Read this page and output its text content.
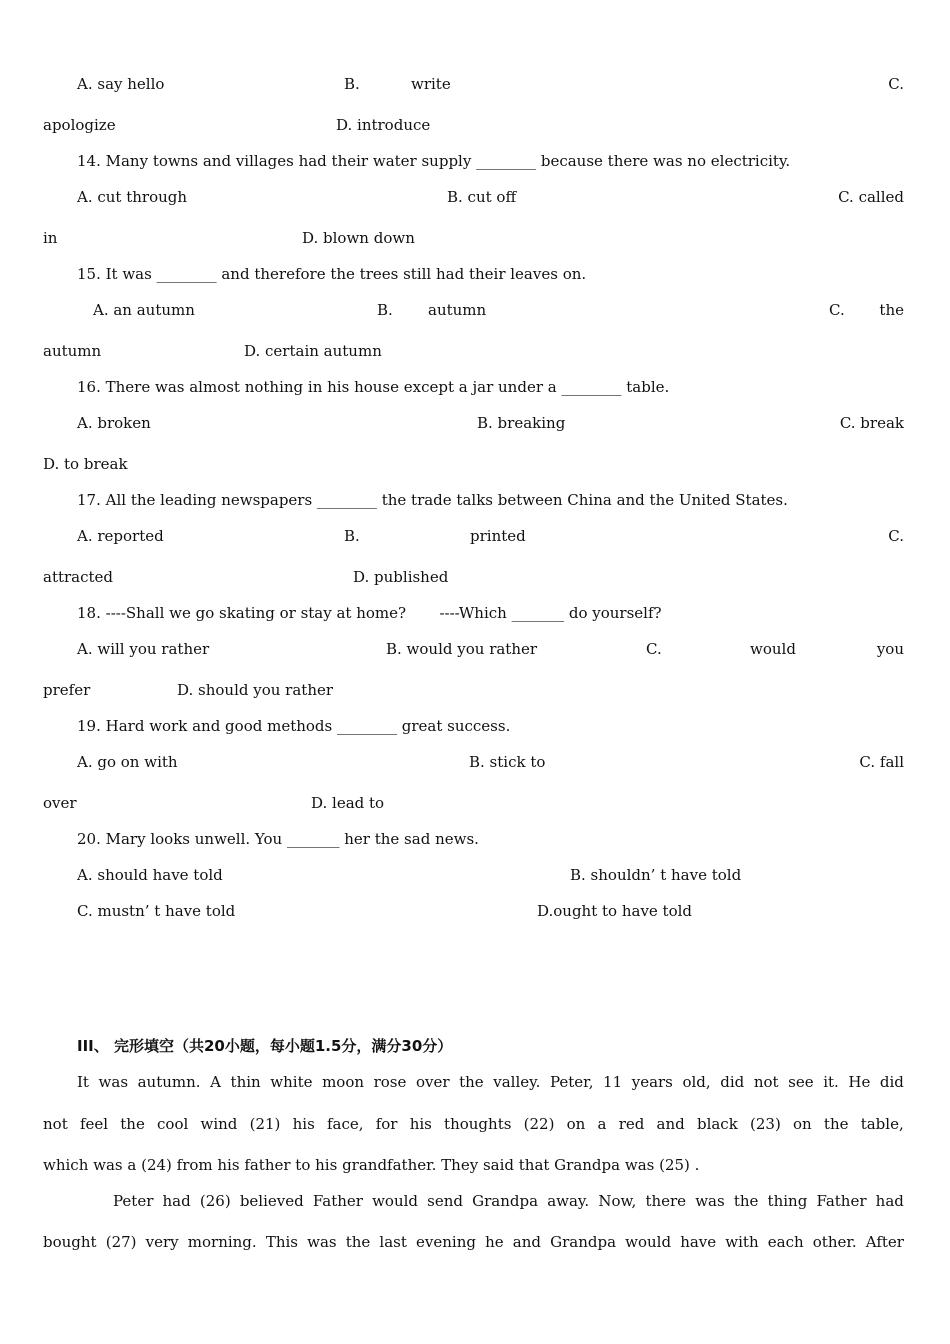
A. say hello	B.	write	C.
apologize	D. introduce
14. Many towns and villages had their water supply ________ because there was no electricity.
A. cut through	B. cut off	C. called
in	D. blown down
15. It was ________ and therefore the trees still had their leaves on.
A. an autumn	B. autumn	C. the
autumn	D. certain autumn
16. There was almost nothing in his house except a jar under a ________ table.
A. broken	B. breaking	C. break
D. to break
17. All the leading newspapers ________ the trade talks between China and the United States.
A. reported	B.	printed	C.
attracted	D. published
18. ----Shall we go skating or stay at home?       ----Which _______ do yourself?
A. will you rather	B. would you rather	C.	would	you
prefer	D. should you rather
19. Hard work and good methods ________ great success.
A. go on with	B. stick to	C. fall
over	D. lead to
20. Mary looks unwell. You _______ her the sad news.
A. should have told	B. shouldn’ t have told
C. mustn’ t have told	D.ought to have told
III、 完形填空（共20小题，每小题1.5分，满分30分）
It was autumn. A thin white moon rose over the valley. Peter, 11 years old, did not see it. He did
not feel the cool wind (21) his face, for his thoughts (22) on a red and black (23) on the table,
which was a (24) from his father to his grandfather. They said that Grandpa was (25) .
Peter had (26) believed Father would send Grandpa away. Now, there was the thing Father had
bought (27) very morning. This was the last evening he and Grandpa would have with each other. After
